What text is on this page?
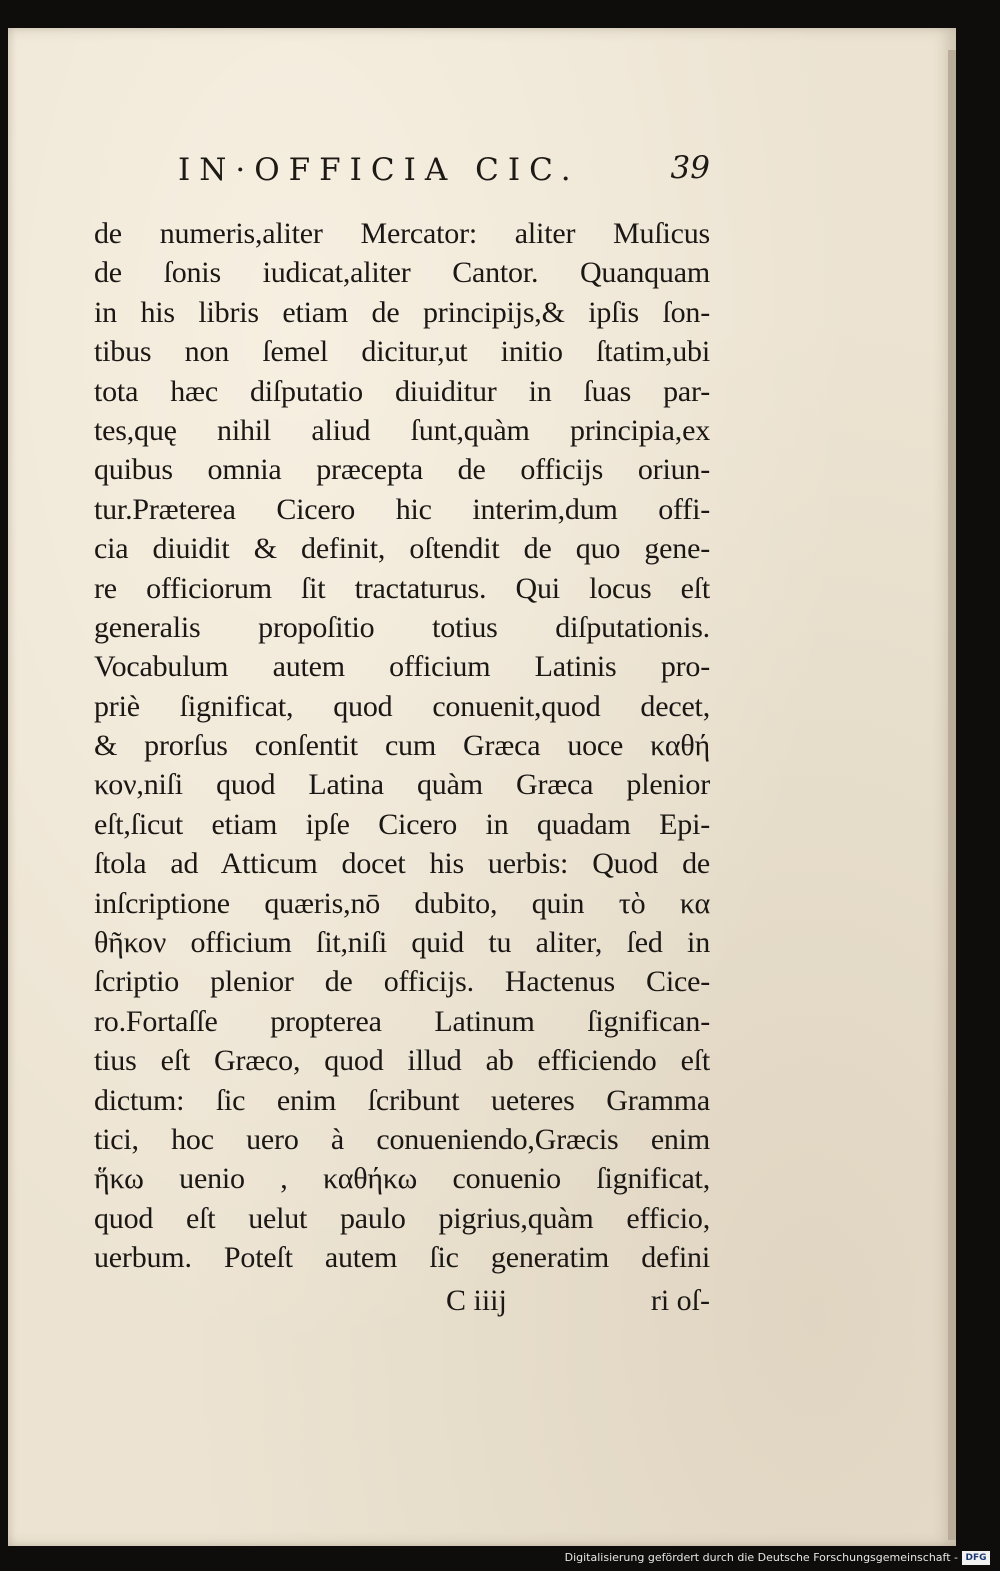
IN·OFFICIA CIC.	39
de numeris,aliter Mercator: aliter Muſicus
de ſonis iudicat,aliter Cantor. Quanquam
in his libris etiam de principijs,& ipſis ſon-
tibus non ſemel dicitur,ut initio ſtatim,ubi
tota hæc diſputatio diuiditur in ſuas par-
tes,quę nihil aliud ſunt,quàm principia,ex
quibus omnia præcepta de officijs oriun-
tur.Præterea Cicero hic interim,dum offi-
cia diuidit & definit, oſtendit de quo gene-
re officiorum ſit tractaturus. Qui locus eſt
generalis propoſitio totius diſputationis.
Vocabulum autem officium Latinis pro-
priè ſignificat, quod conuenit,quod decet,
& prorſus conſentit cum Græca uoce καθή
κον,niſi quod Latina quàm Græca plenior
eſt,ſicut etiam ipſe Cicero in quadam Epi-
ſtola ad Atticum docet his uerbis: Quod de
inſcriptione quæris,nō dubito, quin τὸ κα
θῆκον officium ſit,niſi quid tu aliter, ſed in
ſcriptio plenior de officijs. Hactenus Cice-
ro.Fortaſſe propterea Latinum ſignifican-
tius eſt Græco, quod illud ab efficiendo eſt
dictum: ſic enim ſcribunt ueteres Gramma
tici, hoc uero à conueniendo,Græcis enim
ἥκω uenio , καθήκω conuenio ſignificat,
quod eſt uelut paulo pigrius,quàm efficio,
uerbum. Poteſt autem ſic generatim defini
C iiij	ri oſ-
Digitalisierung gefördert durch die Deutsche Forschungsgemeinschaft - DFG
